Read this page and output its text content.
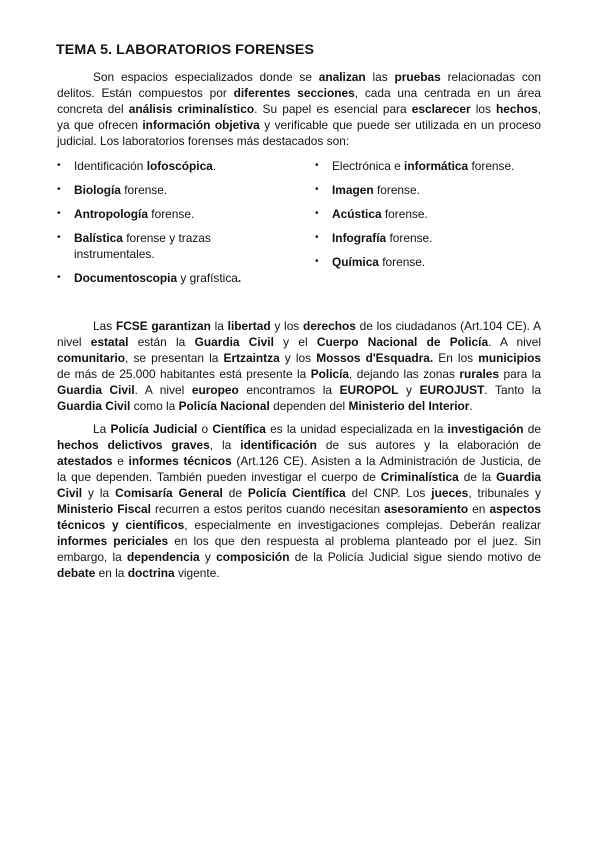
TEMA 5. LABORATORIOS FORENSES
Son espacios especializados donde se analizan las pruebas relacionadas con
delitos. Están compuestos por diferentes secciones, cada una centrada en un área
concreta del análisis criminalístico. Su papel es esencial para esclarecer los hechos,
ya que ofrecen información objetiva y verificable que puede ser utilizada en un proceso
judicial. Los laboratorios forenses más destacados son:
• Identificación lofoscópica.
• Biología forense.
• Antropología forense.
• Balística forense y trazas
instrumentales.
• Documentoscopia y grafística.
• Electrónica e informática forense.
• Imagen forense.
• Acústica forense.
• Infografía forense.
• Química forense.
Las FCSE garantizan la libertad y los derechos de los ciudadanos (Art.104 CE). A
nivel estatal están la Guardia Civil y el Cuerpo Nacional de Policía. A nivel
comunitario, se presentan la Ertzaintza y los Mossos d'Esquadra. En los municipios
de más de 25.000 habitantes está presente la Policía, dejando las zonas rurales para la
Guardia Civil. A nivel europeo encontramos la EUROPOL y EUROJUST. Tanto la
Guardia Civil como la Policía Nacional dependen del Ministerio del Interior.
La Policía Judicial o Científica es la unidad especializada en la investigación de
hechos delictivos graves, la identificación de sus autores y la elaboración de
atestados e informes técnicos (Art.126 CE). Asisten a la Administración de Justicia, de
la que dependen. También pueden investigar el cuerpo de Criminalística de la Guardia
Civil y la Comisaría General de Policía Científica del CNP. Los jueces, tribunales y
Ministerio Fiscal recurren a estos peritos cuando necesitan asesoramiento en aspectos
técnicos y científicos, especialmente en investigaciones complejas. Deberán realizar
informes periciales en los que den respuesta al problema planteado por el juez. Sin
embargo, la dependencia y composición de la Policía Judicial sigue siendo motivo de
debate en la doctrina vigente.
